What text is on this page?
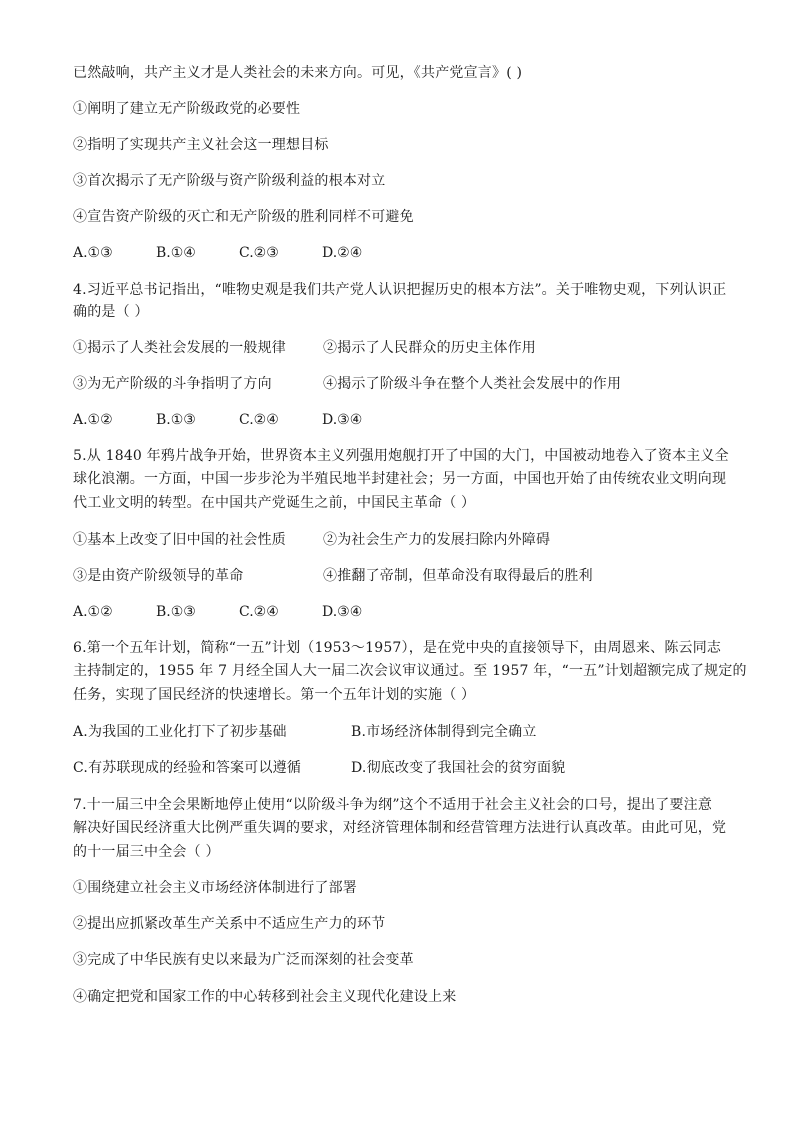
已然敲响，共产主义才是人类社会的未来方向。可见，《共产党宣言》( )
①阐明了建立无产阶级政党的必要性
②指明了实现共产主义社会这一理想目标
③首次揭示了无产阶级与资产阶级利益的根本对立
④宣告资产阶级的灭亡和无产阶级的胜利同样不可避免
A.①③	B.①④	C.②③	D.②④
4.习近平总书记指出，“唯物史观是我们共产党人认识把握历史的根本方法”。关于唯物史观，下列认识正
确的是（ ）
①揭示了人类社会发展的一般规律	②揭示了人民群众的历史主体作用
③为无产阶级的斗争指明了方向	④揭示了阶级斗争在整个人类社会发展中的作用
A.①②	B.①③	C.②④	D.③④
5.从 1840 年鸦片战争开始，世界资本主义列强用炮舰打开了中国的大门，中国被动地卷入了资本主义全
球化浪潮。一方面，中国一步步沦为半殖民地半封建社会；另一方面，中国也开始了由传统农业文明向现
代工业文明的转型。在中国共产党诞生之前，中国民主革命（ ）
①基本上改变了旧中国的社会性质	②为社会生产力的发展扫除内外障碍
③是由资产阶级领导的革命	④推翻了帝制，但革命没有取得最后的胜利
A.①②	B.①③	C.②④	D.③④
6.第一个五年计划，简称“一五”计划（1953～1957），是在党中央的直接领导下，由周恩来、陈云同志
主持制定的，1955 年 7 月经全国人大一届二次会议审议通过。至 1957 年，“一五”计划超额完成了规定的
任务，实现了国民经济的快速增长。第一个五年计划的实施（ ）
A.为我国的工业化打下了初步基础	B.市场经济体制得到完全确立
C.有苏联现成的经验和答案可以遵循	D.彻底改变了我国社会的贫穷面貌
7.十一届三中全会果断地停止使用“以阶级斗争为纲”这个不适用于社会主义社会的口号，提出了要注意
解决好国民经济重大比例严重失调的要求，对经济管理体制和经营管理方法进行认真改革。由此可见，党
的十一届三中全会（ ）
①围绕建立社会主义市场经济体制进行了部署
②提出应抓紧改革生产关系中不适应生产力的环节
③完成了中华民族有史以来最为广泛而深刻的社会变革
④确定把党和国家工作的中心转移到社会主义现代化建设上来
